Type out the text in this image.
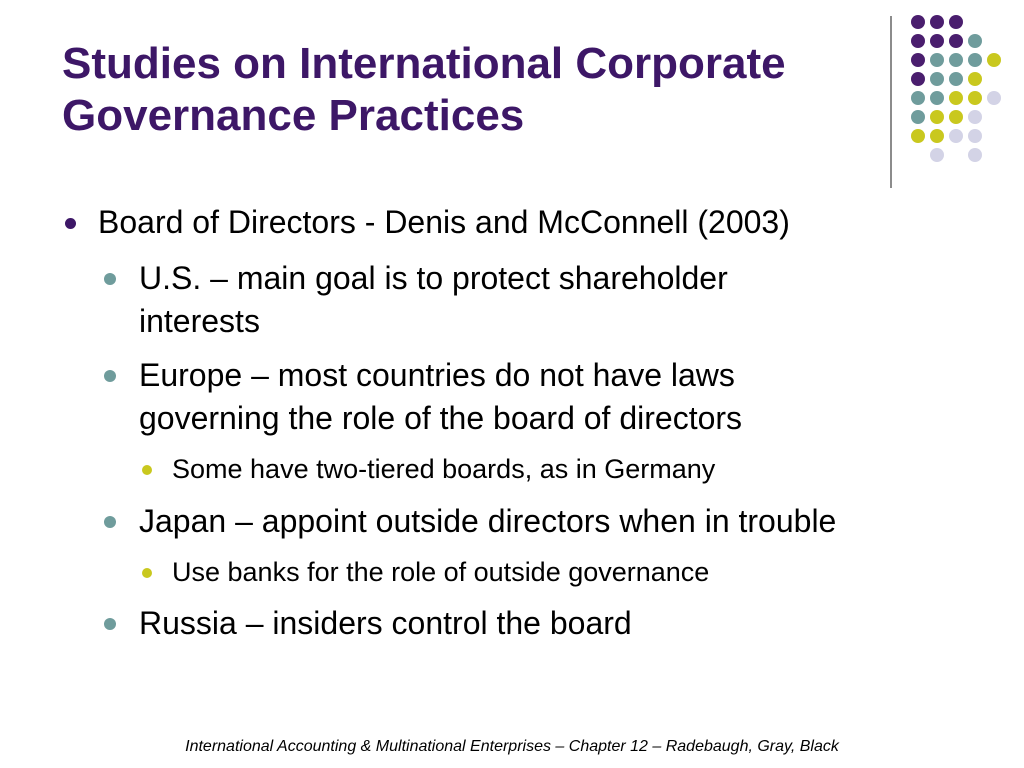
Studies on International Corporate
Governance Practices
Board of Directors - Denis and McConnell (2003)
U.S. – main goal is to protect shareholder interests
Europe – most countries do not have laws governing the role of the board of directors
Some have two-tiered boards, as in Germany
Japan – appoint outside directors when in trouble
Use banks for the role of outside governance
Russia – insiders control the board
International Accounting & Multinational Enterprises – Chapter 12 – Radebaugh, Gray, Black
